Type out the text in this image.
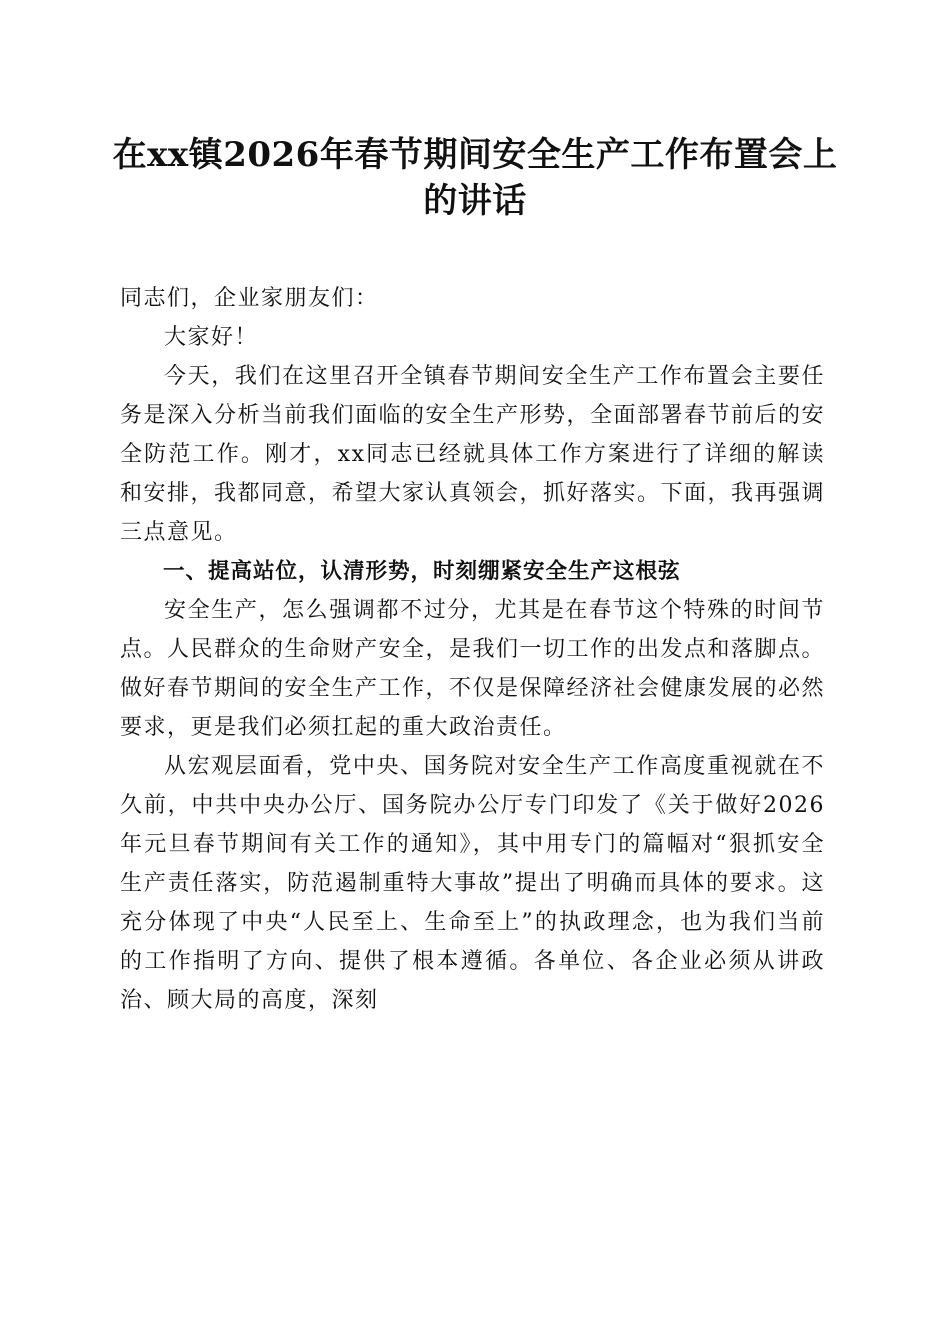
在xx镇2026年春节期间安全生产工作布置会上的讲话

同志们，企业家朋友们：

大家好！

今天，我们在这里召开全镇春节期间安全生产工作布置会主要任务是深入分析当前我们面临的安全生产形势，全面部署春节前后的安全防范工作。刚才，xx同志已经就具体工作方案进行了详细的解读和安排，我都同意，希望大家认真领会，抓好落实。下面，我再强调三点意见。

一、提高站位，认清形势，时刻绷紧安全生产这根弦

安全生产，怎么强调都不过分，尤其是在春节这个特殊的时间节点。人民群众的生命财产安全，是我们一切工作的出发点和落脚点。做好春节期间的安全生产工作，不仅是保障经济社会健康发展的必然要求，更是我们必须扛起的重大政治责任。

从宏观层面看，党中央、国务院对安全生产工作高度重视就在不久前，中共中央办公厅、国务院办公厅专门印发了《关于做好2026年元旦春节期间有关工作的通知》，其中用专门的篇幅对“狠抓安全生产责任落实，防范遏制重特大事故”提出了明确而具体的要求。这充分体现了中央“人民至上、生命至上”的执政理念，也为我们当前的工作指明了方向、提供了根本遵循。各单位、各企业必须从讲政治、顾大局的高度，深刻
